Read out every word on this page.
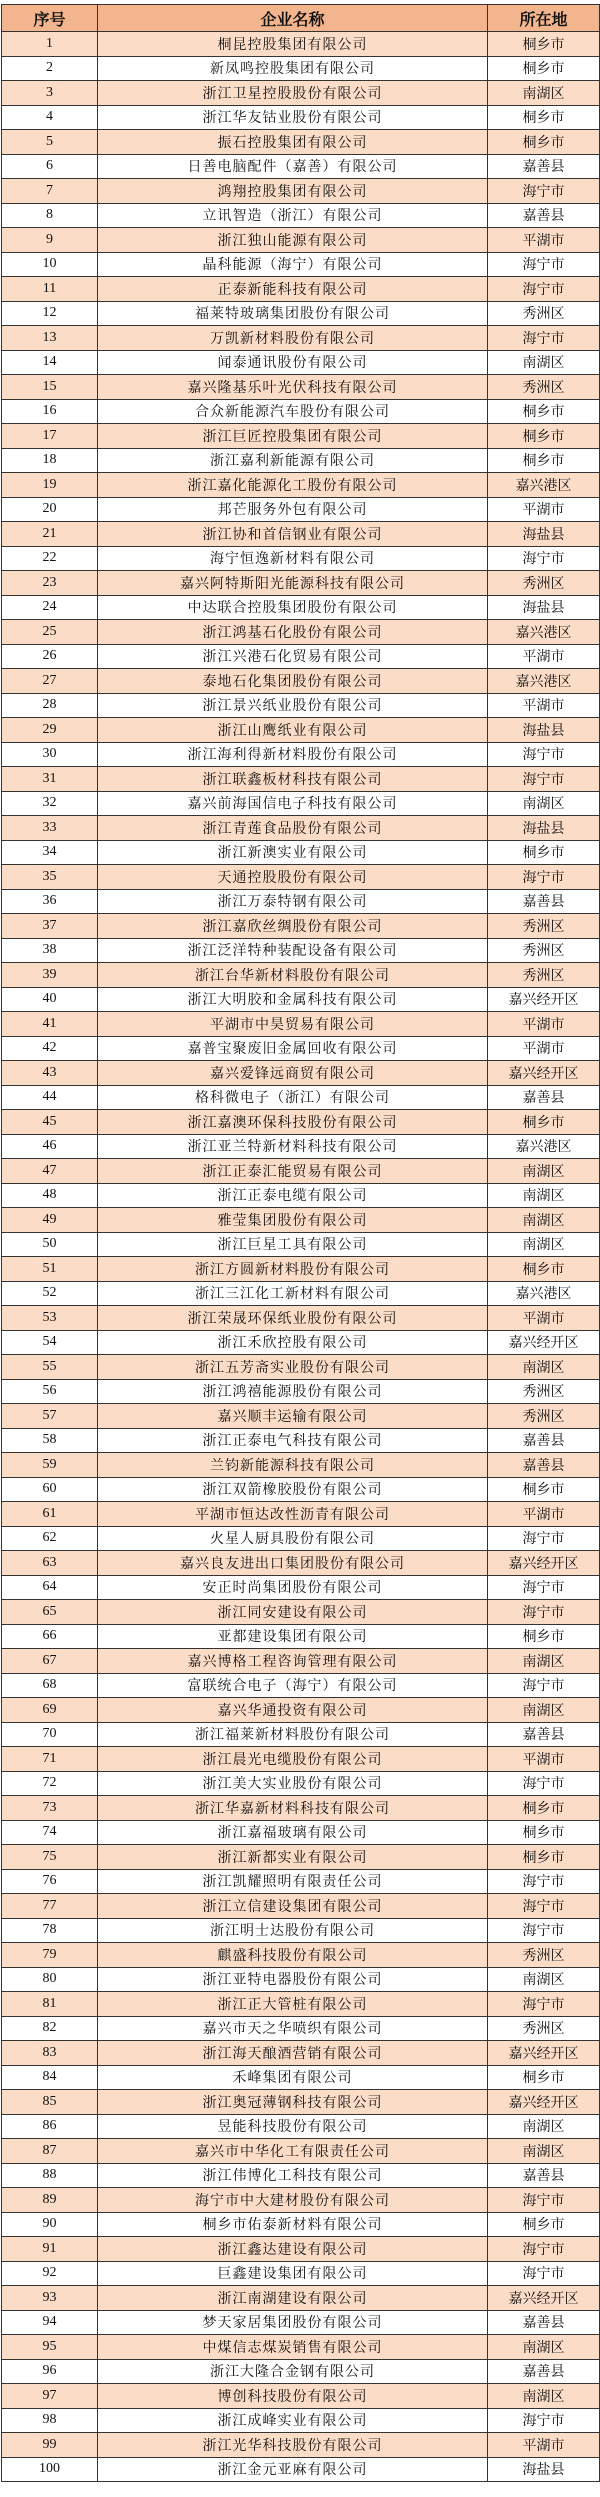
序号	企业名称	所在地
1	桐昆控股集团有限公司	桐乡市
2	新凤鸣控股集团有限公司	桐乡市
3	浙江卫星控股股份有限公司	南湖区
4	浙江华友钴业股份有限公司	桐乡市
5	振石控股集团有限公司	桐乡市
6	日善电脑配件（嘉善）有限公司	嘉善县
7	鸿翔控股集团有限公司	海宁市
8	立讯智造（浙江）有限公司	嘉善县
9	浙江独山能源有限公司	平湖市
10	晶科能源（海宁）有限公司	海宁市
11	正泰新能科技有限公司	海宁市
12	福莱特玻璃集团股份有限公司	秀洲区
13	万凯新材料股份有限公司	海宁市
14	闻泰通讯股份有限公司	南湖区
15	嘉兴隆基乐叶光伏科技有限公司	秀洲区
16	合众新能源汽车股份有限公司	桐乡市
17	浙江巨匠控股集团有限公司	桐乡市
18	浙江嘉利新能源有限公司	桐乡市
19	浙江嘉化能源化工股份有限公司	嘉兴港区
20	邦芒服务外包有限公司	平湖市
21	浙江协和首信钢业有限公司	海盐县
22	海宁恒逸新材料有限公司	海宁市
23	嘉兴阿特斯阳光能源科技有限公司	秀洲区
24	中达联合控股集团股份有限公司	海盐县
25	浙江鸿基石化股份有限公司	嘉兴港区
26	浙江兴港石化贸易有限公司	平湖市
27	泰地石化集团股份有限公司	嘉兴港区
28	浙江景兴纸业股份有限公司	平湖市
29	浙江山鹰纸业有限公司	海盐县
30	浙江海利得新材料股份有限公司	海宁市
31	浙江联鑫板材科技有限公司	海宁市
32	嘉兴前海国信电子科技有限公司	南湖区
33	浙江青莲食品股份有限公司	海盐县
34	浙江新澳实业有限公司	桐乡市
35	天通控股股份有限公司	海宁市
36	浙江万泰特钢有限公司	嘉善县
37	浙江嘉欣丝绸股份有限公司	秀洲区
38	浙江泛洋特种装配设备有限公司	秀洲区
39	浙江台华新材料股份有限公司	秀洲区
40	浙江大明胶和金属科技有限公司	嘉兴经开区
41	平湖市中昊贸易有限公司	平湖市
42	嘉普宝聚废旧金属回收有限公司	平湖市
43	嘉兴爱锋远商贸有限公司	嘉兴经开区
44	格科微电子（浙江）有限公司	嘉善县
45	浙江嘉澳环保科技股份有限公司	桐乡市
46	浙江亚兰特新材料科技有限公司	嘉兴港区
47	浙江正泰汇能贸易有限公司	南湖区
48	浙江正泰电缆有限公司	南湖区
49	雅莹集团股份有限公司	南湖区
50	浙江巨星工具有限公司	南湖区
51	浙江方圆新材料股份有限公司	桐乡市
52	浙江三江化工新材料有限公司	嘉兴港区
53	浙江荣晟环保纸业股份有限公司	平湖市
54	浙江禾欣控股有限公司	嘉兴经开区
55	浙江五芳斋实业股份有限公司	南湖区
56	浙江鸿禧能源股份有限公司	秀洲区
57	嘉兴顺丰运输有限公司	秀洲区
58	浙江正泰电气科技有限公司	嘉善县
59	兰钧新能源科技有限公司	嘉善县
60	浙江双箭橡胶股份有限公司	桐乡市
61	平湖市恒达改性沥青有限公司	平湖市
62	火星人厨具股份有限公司	海宁市
63	嘉兴良友进出口集团股份有限公司	嘉兴经开区
64	安正时尚集团股份有限公司	海宁市
65	浙江同安建设有限公司	海宁市
66	亚都建设集团有限公司	桐乡市
67	嘉兴博格工程咨询管理有限公司	南湖区
68	富联统合电子（海宁）有限公司	海宁市
69	嘉兴华通投资有限公司	南湖区
70	浙江福莱新材料股份有限公司	嘉善县
71	浙江晨光电缆股份有限公司	平湖市
72	浙江美大实业股份有限公司	海宁市
73	浙江华嘉新材料科技有限公司	桐乡市
74	浙江嘉福玻璃有限公司	桐乡市
75	浙江新都实业有限公司	桐乡市
76	浙江凯耀照明有限责任公司	海宁市
77	浙江立信建设集团有限公司	海宁市
78	浙江明士达股份有限公司	海宁市
79	麒盛科技股份有限公司	秀洲区
80	浙江亚特电器股份有限公司	南湖区
81	浙江正大管桩有限公司	海宁市
82	嘉兴市天之华喷织有限公司	秀洲区
83	浙江海天酿酒营销有限公司	嘉兴经开区
84	禾峰集团有限公司	桐乡市
85	浙江奥冠薄钢科技有限公司	嘉兴经开区
86	昱能科技股份有限公司	南湖区
87	嘉兴市中华化工有限责任公司	南湖区
88	浙江伟博化工科技有限公司	嘉善县
89	海宁市中大建材股份有限公司	海宁市
90	桐乡市佑泰新材料有限公司	桐乡市
91	浙江鑫达建设有限公司	海宁市
92	巨鑫建设集团有限公司	海宁市
93	浙江南湖建设有限公司	嘉兴经开区
94	梦天家居集团股份有限公司	嘉善县
95	中煤信志煤炭销售有限公司	南湖区
96	浙江大隆合金钢有限公司	嘉善县
97	博创科技股份有限公司	南湖区
98	浙江成峰实业有限公司	海宁市
99	浙江光华科技股份有限公司	平湖市
100	浙江金元亚麻有限公司	海盐县
